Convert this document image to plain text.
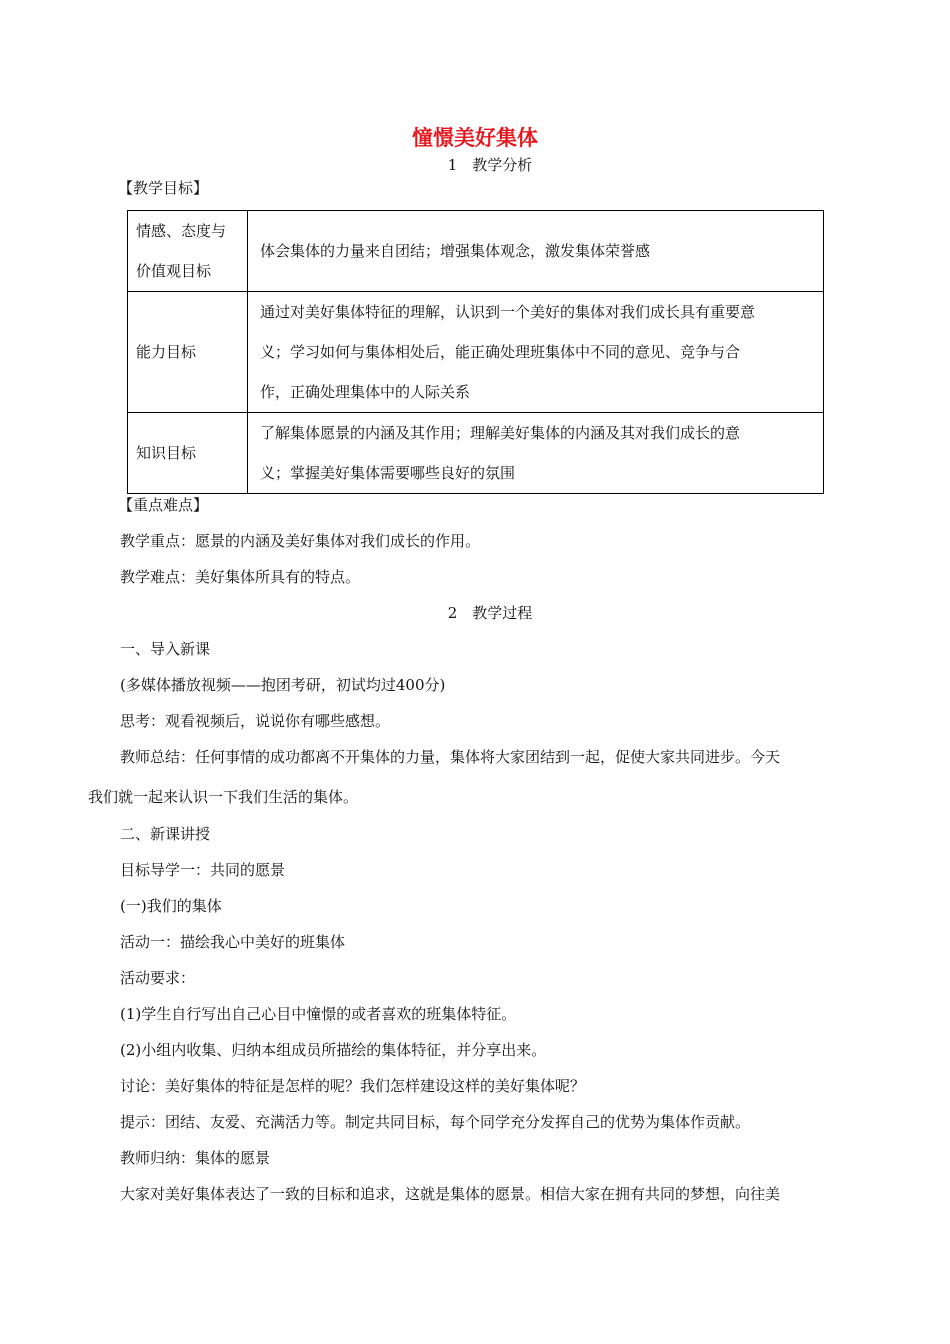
憧憬美好集体
1　教学分析
【教学目标】
情感、态度与
价值观目标	体会集体的力量来自团结；增强集体观念，激发集体荣誉感

能力目标	通过对美好集体特征的理解，认识到一个美好的集体对我们成长具有重要意
义；学习如何与集体相处后，能正确处理班集体中不同的意见、竞争与合
作，正确处理集体中的人际关系

知识目标	了解集体愿景的内涵及其作用；理解美好集体的内涵及其对我们成长的意
义；掌握美好集体需要哪些良好的氛围
【重点难点】
教学重点：愿景的内涵及美好集体对我们成长的作用。
教学难点：美好集体所具有的特点。
2　教学过程
一、导入新课
(多媒体播放视频——抱团考研，初试均过400分)
思考：观看视频后，说说你有哪些感想。
教师总结：任何事情的成功都离不开集体的力量，集体将大家团结到一起，促使大家共同进步。今天
我们就一起来认识一下我们生活的集体。
二、新课讲授
目标导学一：共同的愿景
(一)我们的集体
活动一：描绘我心中美好的班集体
活动要求：
(1)学生自行写出自己心目中憧憬的或者喜欢的班集体特征。
(2)小组内收集、归纳本组成员所描绘的集体特征，并分享出来。
讨论：美好集体的特征是怎样的呢？我们怎样建设这样的美好集体呢？
提示：团结、友爱、充满活力等。制定共同目标，每个同学充分发挥自己的优势为集体作贡献。
教师归纳：集体的愿景
大家对美好集体表达了一致的目标和追求，这就是集体的愿景。相信大家在拥有共同的梦想，向往美
